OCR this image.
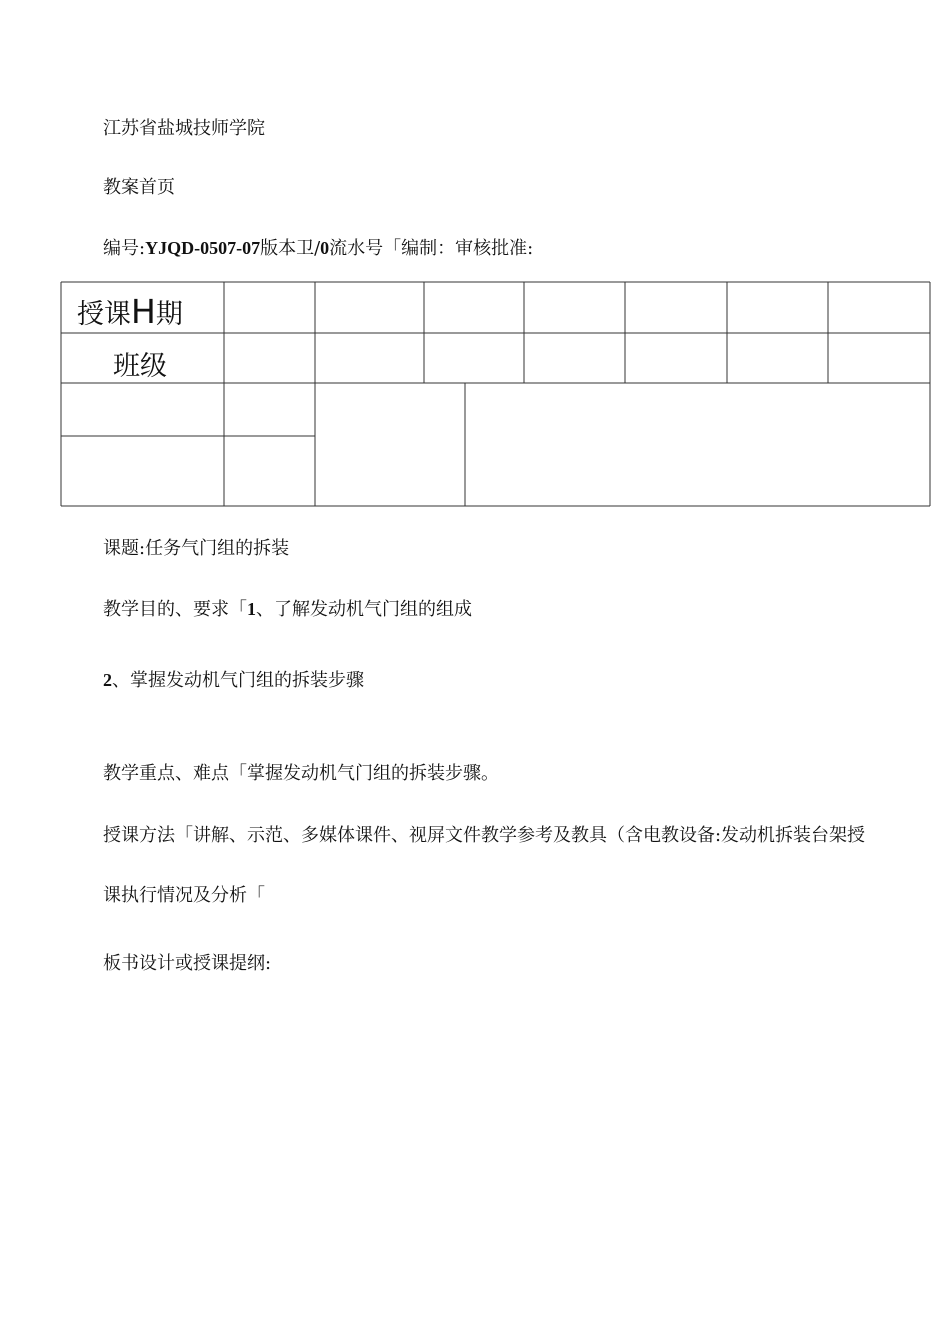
江苏省盐城技师学院
教案首页
编号:YJQD-0507-07版本卫/0流水号「编制：审核批准:
授课H期
班级
课题:任务气门组的拆装
教学目的、要求「1、了解发动机气门组的组成
2、掌握发动机气门组的拆装步骤
教学重点、难点「掌握发动机气门组的拆装步骤。
授课方法「讲解、示范、多媒体课件、视屏文件教学参考及教具（含电教设备:发动机拆装台架授
课执行情况及分析「
板书设计或授课提纲:
